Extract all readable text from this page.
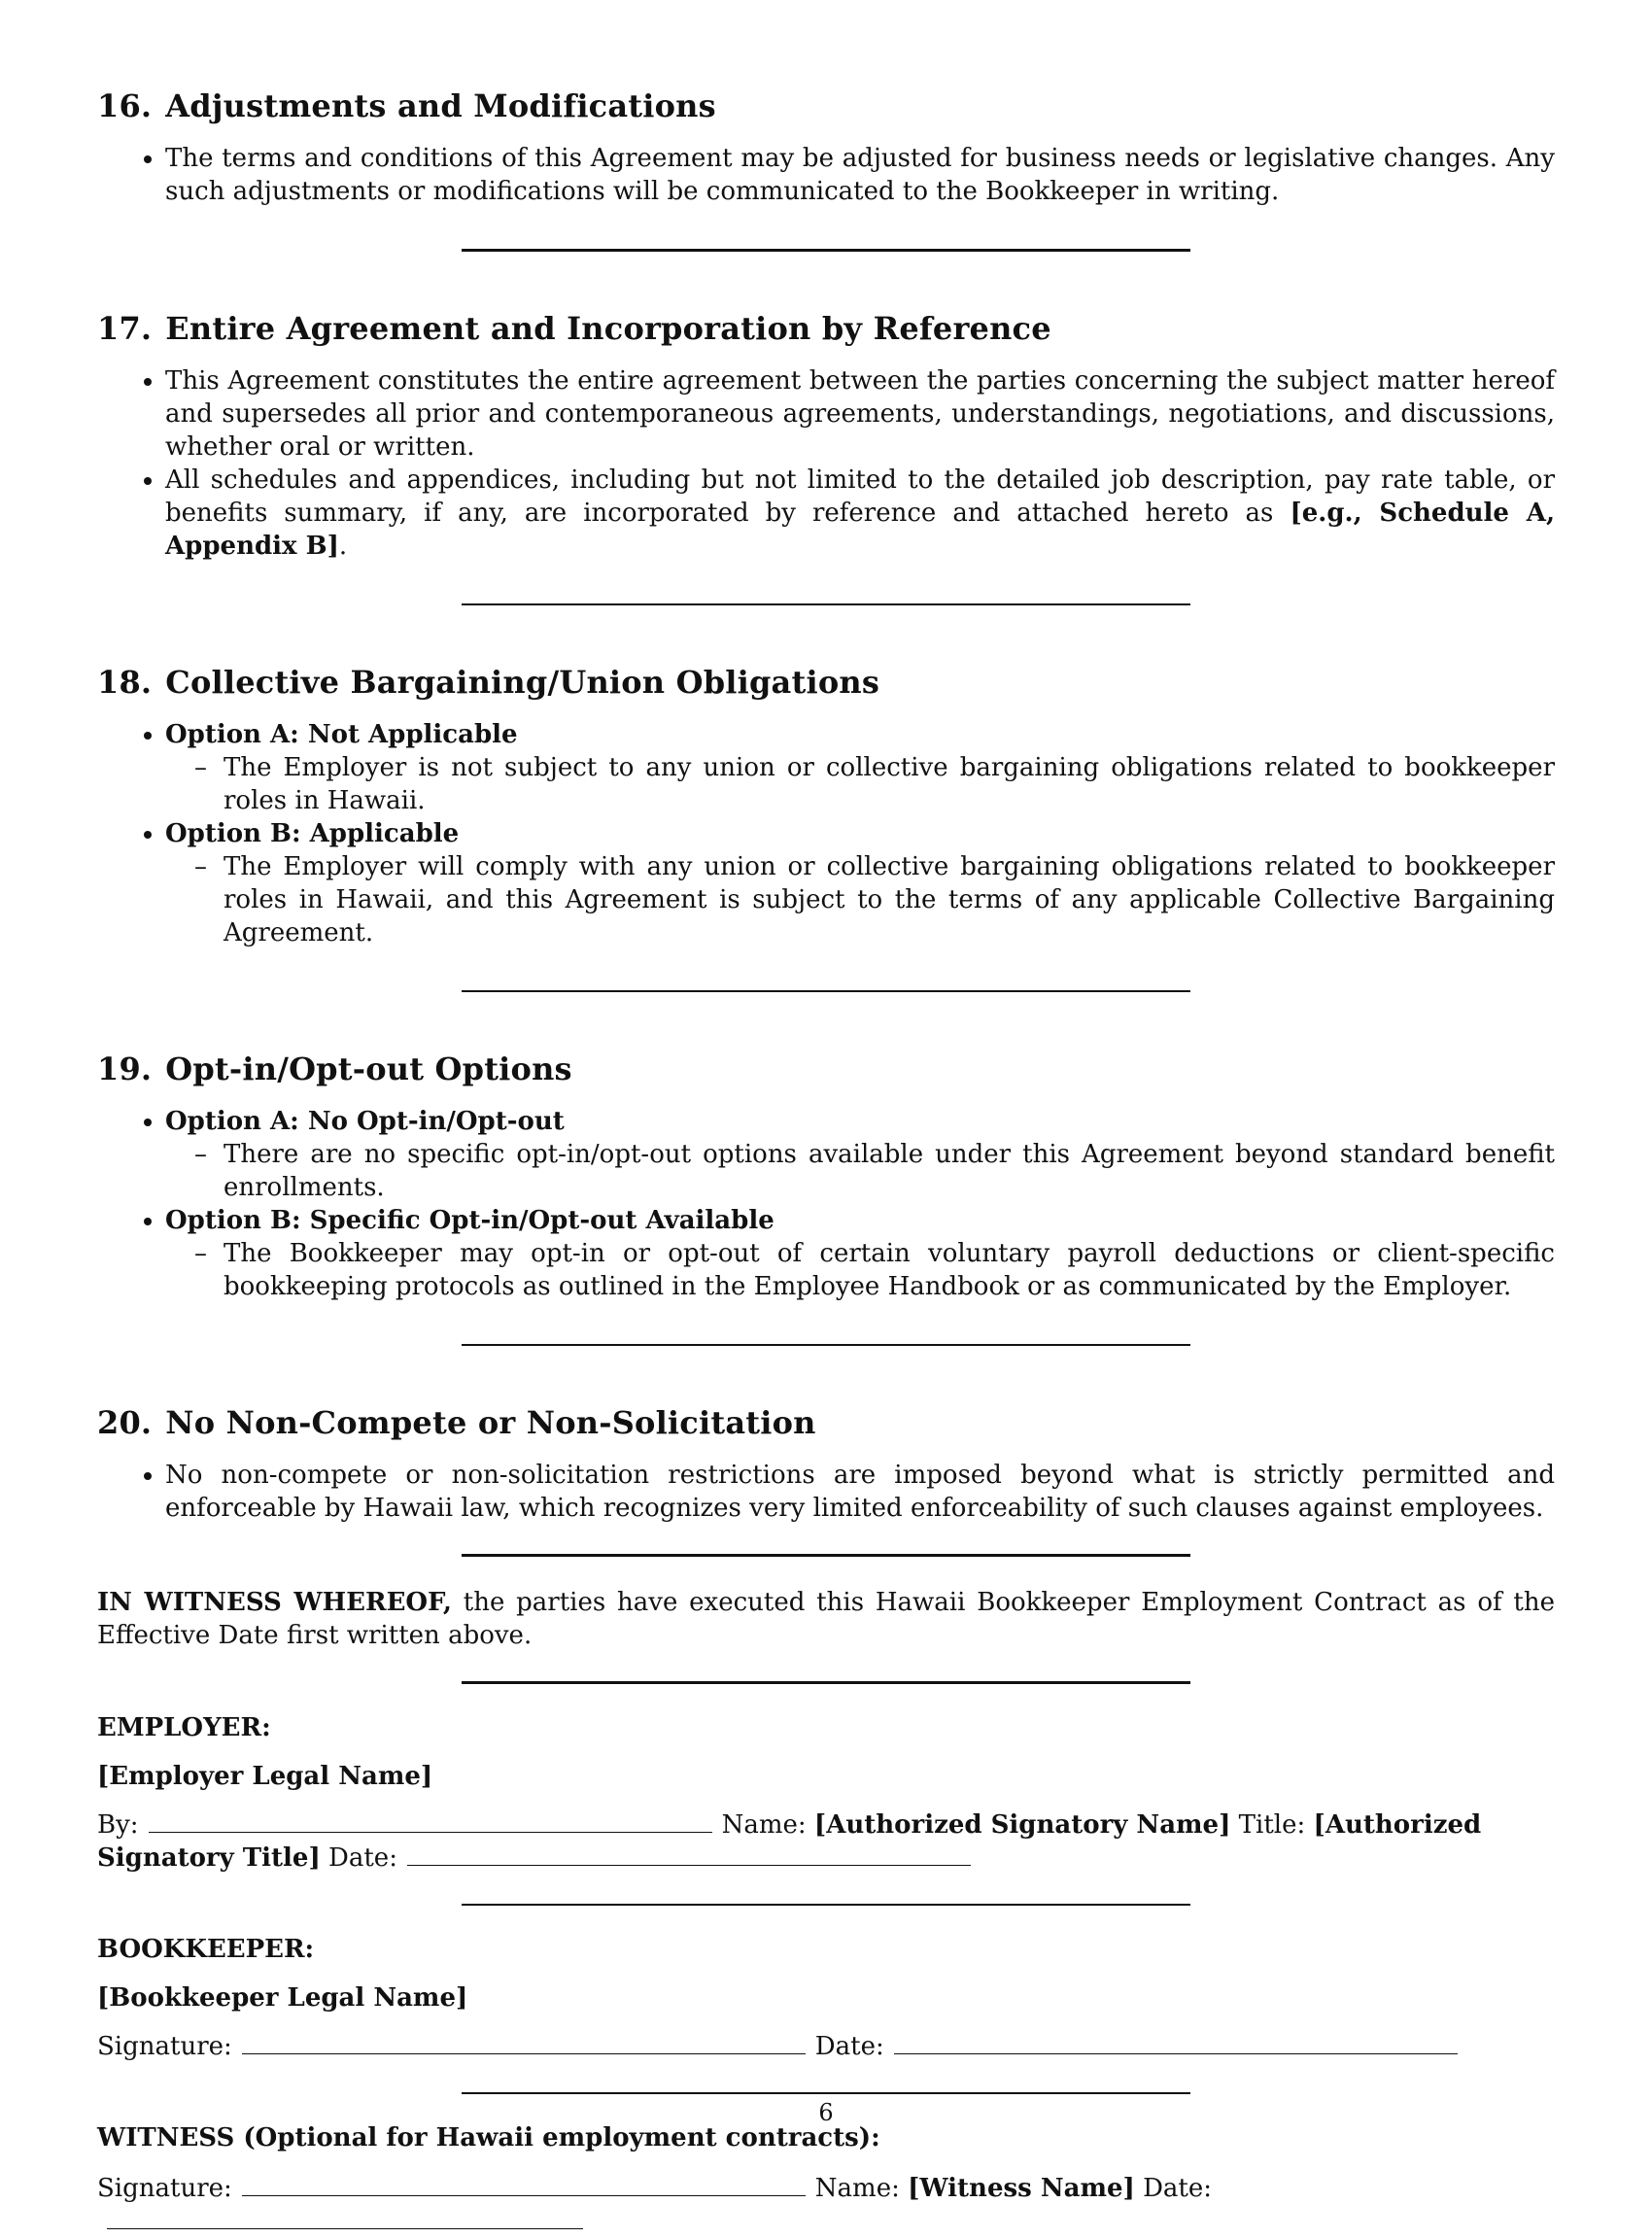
16. Adjustments and Modifications
• The terms and conditions of this Agreement may be adjusted for business needs or legislative changes. Any such adjustments or modifications will be communicated to the Bookkeeper in writing.
17. Entire Agreement and Incorporation by Reference
• This Agreement constitutes the entire agreement between the parties concerning the subject matter hereof and supersedes all prior and contemporaneous agreements, understandings, negotiations, and discussions, whether oral or written.
• All schedules and appendices, including but not limited to the detailed job description, pay rate table, or benefits summary, if any, are incorporated by reference and attached hereto as [e.g., Schedule A, Appendix B].
18. Collective Bargaining/Union Obligations
• Option A: Not Applicable
– The Employer is not subject to any union or collective bargaining obligations related to bookkeeper roles in Hawaii.
• Option B: Applicable
– The Employer will comply with any union or collective bargaining obligations related to bookkeeper roles in Hawaii, and this Agreement is subject to the terms of any applicable Collective Bargaining Agreement.
19. Opt-in/Opt-out Options
• Option A: No Opt-in/Opt-out
– There are no specific opt-in/opt-out options available under this Agreement beyond standard benefit enrollments.
• Option B: Specific Opt-in/Opt-out Available
– The Bookkeeper may opt-in or opt-out of certain voluntary payroll deductions or client-specific bookkeeping protocols as outlined in the Employee Handbook or as communicated by the Employer.
20. No Non-Compete or Non-Solicitation
• No non-compete or non-solicitation restrictions are imposed beyond what is strictly permitted and enforceable by Hawaii law, which recognizes very limited enforceability of such clauses against employees.

IN WITNESS WHEREOF, the parties have executed this Hawaii Bookkeeper Employment Contract as of the Effective Date first written above.

EMPLOYER:

[Employer Legal Name]

By:	Name: [Authorized Signatory Name] Title: [Authorized Signatory Title] Date:

BOOKKEEPER:

[Bookkeeper Legal Name]

Signature:	Date:

WITNESS (Optional for Hawaii employment contracts):

Signature:	Name: [Witness Name] Date:

6
